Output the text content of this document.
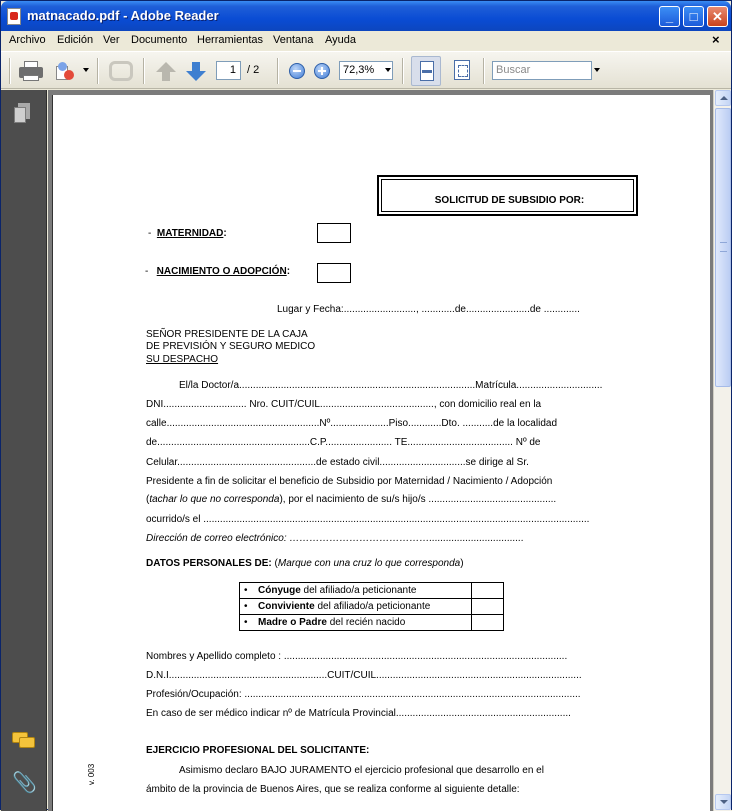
matnacado.pdf - Adobe Reader	_	□	✕
Archivo Edición Ver Documento Herramientas Ventana Ayuda	×
1	/ 2	72,3%	Buscar
📎
SOLICITUD DE SUBSIDIO POR:
-  MATERNIDAD:
-   NACIMIENTO O ADOPCIÓN:
Lugar y Fecha:.........................., ............de.......................de .............
SEÑOR PRESIDENTE DE LA CAJA
DE PREVISIÓN Y SEGURO MEDICO
SU DESPACHO
El/la Doctor/a.....................................................................................Matrícula...............................
DNI.............................. Nro. CUIT/CUIL........................................., con domicilio real en la
calle.......................................................Nº.....................Piso............Dto. ...........de la localidad
de.......................................................C.P........................ TE...................................... Nº de
Celular..................................................de estado civil...............................se dirige al Sr.
Presidente a fin de solicitar el beneficio de Subsidio por Maternidad / Nacimiento / Adopción
(tachar lo que no corresponda), por el nacimiento de su/s hijo/s ..............................................
ocurrido/s el ...........................................................................................................................................
Dirección de correo electrónico: ……………………………………..................................
DATOS PERSONALES DE: (Marque con una cruz lo que corresponda)
• Cónyuge del afiliado/a peticionante	
• Conviviente del afiliado/a peticionante	
• Madre o Padre del recién nacido	
Nombres y Apellido completo : ......................................................................................................
D.N.I.........................................................CUIT/CUIL..........................................................................
Profesión/Ocupación: .........................................................................................................................
En caso de ser médico indicar nº de Matrícula Provincial...............................................................
EJERCICIO PROFESIONAL DEL SOLICITANTE:
Asimismo declaro BAJO JURAMENTO el ejercicio profesional que desarrollo en el
ámbito de la provincia de Buenos Aires, que se realiza conforme al siguiente detalle:
v. 003
